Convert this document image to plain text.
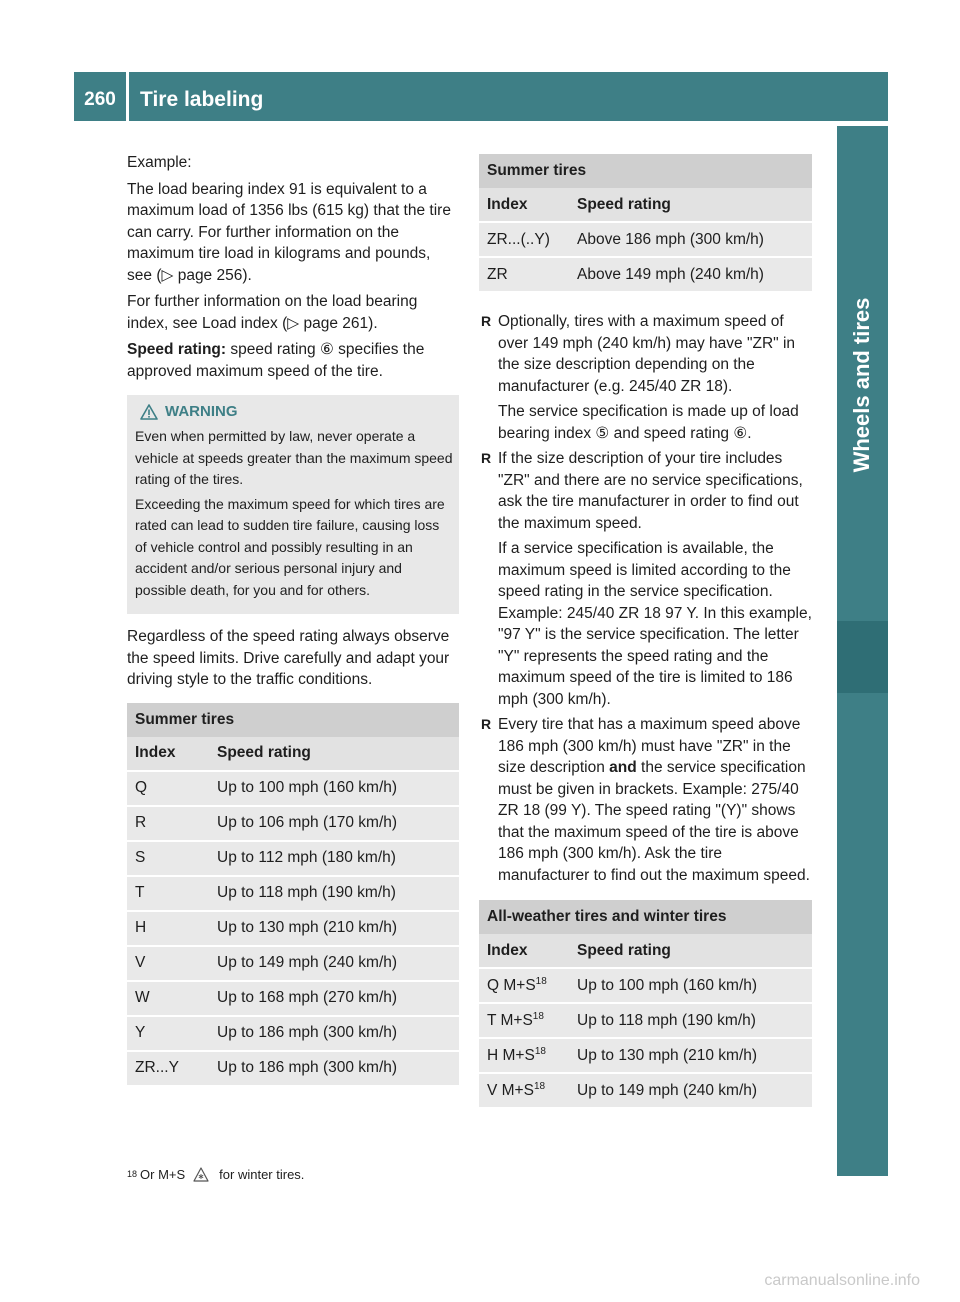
260	Tire labeling
Wheels and tires

Example:

The load bearing index 91 is equivalent to a maximum load of 1356 lbs (615 kg) that the tire can carry. For further information on the maximum tire load in kilograms and pounds, see (▷ page 256).

For further information on the load bearing index, see Load index (▷ page 261).

Speed rating: speed rating ⑥ specifies the approved maximum speed of the tire.

WARNING

Even when permitted by law, never operate a vehicle at speeds greater than the maximum speed rating of the tires.

Exceeding the maximum speed for which tires are rated can lead to sudden tire failure, causing loss of vehicle control and possibly resulting in an accident and/or serious personal injury and possible death, for you and for others.

Regardless of the speed rating always observe the speed limits. Drive carefully and adapt your driving style to the traffic conditions.

Summer tires	
Index	Speed rating
Q	Up to 100 mph (160 km/h)
R	Up to 106 mph (170 km/h)
S	Up to 112 mph (180 km/h)
T	Up to 118 mph (190 km/h)
H	Up to 130 mph (210 km/h)
V	Up to 149 mph (240 km/h)
W	Up to 168 mph (270 km/h)
Y	Up to 186 mph (300 km/h)
ZR...Y	Up to 186 mph (300 km/h)
Summer tires	
Index	Speed rating
ZR...(..Y)	Above 186 mph (300 km/h)
ZR	Above 149 mph (240 km/h)
R Optionally, tires with a maximum speed of over 149 mph (240 km/h) may have "ZR" in the size description depending on the manufacturer (e.g. 245/40 ZR 18).
The service specification is made up of load bearing index ⑤ and speed rating ⑥.
R If the size description of your tire includes "ZR" and there are no service specifications, ask the tire manufacturer in order to find out the maximum speed.
If a service specification is available, the maximum speed is limited according to the speed rating in the service specification. Example: 245/40 ZR 18 97 Y. In this example, "97 Y" is the service specification. The letter "Y" represents the speed rating and the maximum speed of the tire is limited to 186 mph (300 km/h).
R Every tire that has a maximum speed above 186 mph (300 km/h) must have "ZR" in the size description and the service specification must be given in brackets. Example: 275/40 ZR 18 (99 Y). The speed rating "(Y)" shows that the maximum speed of the tire is above 186 mph (300 km/h). Ask the tire manufacturer to find out the maximum speed.
All-weather tires and winter tires	
Index	Speed rating
Q $M+S^{18}$	Up to 100 mph (160 km/h)
T $M+S^{18}$	Up to 118 mph (190 km/h)
H $M+S^{18}$	Up to 130 mph (210 km/h)
V $M+S^{18}$	Up to 149 mph (240 km/h)
18 Or M+S	for winter tires.
carmanualsonline.info
